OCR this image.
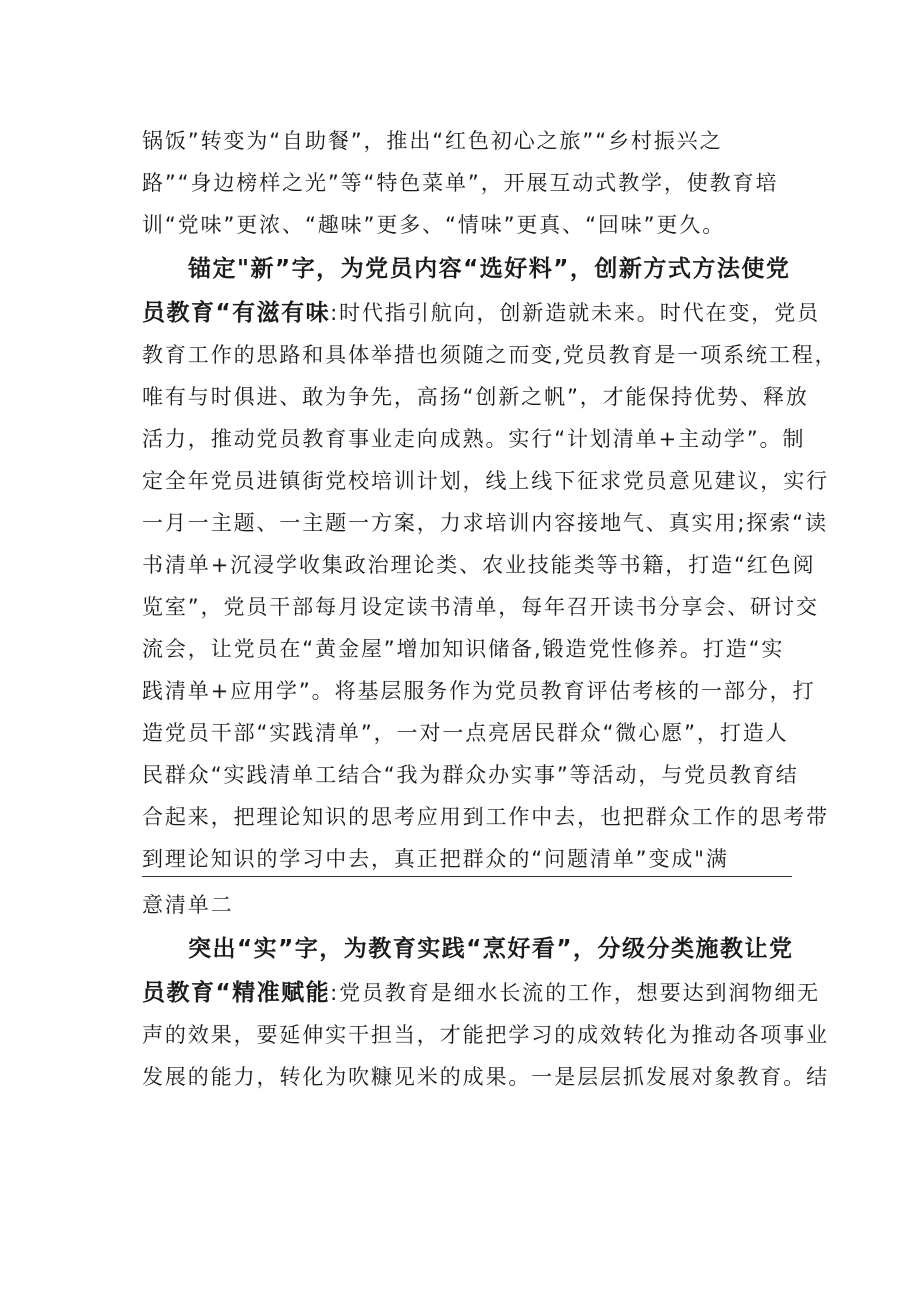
锅饭”转变为“自助餐”，推出“红色初心之旅”“乡村振兴之
路”“身边榜样之光”等“特色菜单”，开展互动式教学，使教育培
训“党味”更浓、“趣味”更多、“情味”更真、“回味”更久。
锚定"新”字，为党员内容“选好料”，创新方式方法使党
员教育“有滋有味:时代指引航向，创新造就未来。时代在变，党员
教育工作的思路和具体举措也须随之而变,党员教育是一项系统工程，
唯有与时俱进、敢为争先，高扬“创新之帆”，才能保持优势、释放
活力，推动党员教育事业走向成熟。实行“计划清单+主动学”。制
定全年党员进镇街党校培训计划，线上线下征求党员意见建议，实行
一月一主题、一主题一方案，力求培训内容接地气、真实用;探索“读
书清单+沉浸学收集政治理论类、农业技能类等书籍，打造“红色阅
览室”，党员干部每月设定读书清单，每年召开读书分享会、研讨交
流会，让党员在“黄金屋”增加知识储备,锻造党性修养。打造“实
践清单+应用学”。将基层服务作为党员教育评估考核的一部分，打
造党员干部“实践清单”，一对一点亮居民群众“微心愿”，打造人
民群众“实践清单工结合“我为群众办实事”等活动，与党员教育结
合起来，把理论知识的思考应用到工作中去，也把群众工作的思考带
到理论知识的学习中去，真正把群众的“问题清单”变成"满
意清单二
突出“实”字，为教育实践“烹好看”，分级分类施教让党
员教育“精准赋能:党员教育是细水长流的工作，想要达到润物细无
声的效果，要延伸实干担当，才能把学习的成效转化为推动各项事业
发展的能力，转化为吹糠见米的成果。一是层层抓发展对象教育。结
